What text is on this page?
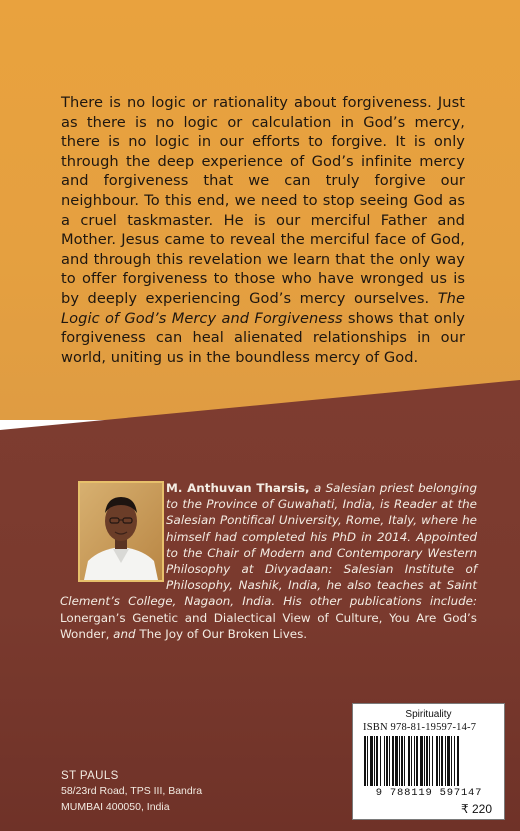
There is no logic or rationality about forgiveness. Just as there is no logic or calculation in God’s mercy, there is no logic in our efforts to forgive. It is only through the deep experience of God’s infinite mercy and forgiveness that we can truly forgive our neighbour. To this end, we need to stop seeing God as a cruel taskmaster. He is our merciful Father and Mother. Jesus came to reveal the merciful face of God, and through this revelation we learn that the only way to offer forgiveness to those who have wronged us is by deeply experiencing God’s mercy ourselves. The Logic of God’s Mercy and Forgiveness shows that only forgiveness can heal alienated relationships in our world, uniting us in the boundless mercy of God.

M. Anthuvan Tharsis, a Salesian priest belonging to the Province of Guwahati, India, is Reader at the Salesian Pontifical University, Rome, Italy, where he himself had completed his PhD in 2014. Appointed to the Chair of Modern and Contemporary Western Philosophy at Divyadaan: Salesian Institute of Philosophy, Nashik, India, he also teaches at Saint Clement’s College, Nagaon, India. His other publications include: Lonergan’s Genetic and Dialectical View of Culture, You Are God’s Wonder, and The Joy of Our Broken Lives.

Spirituality
ISBN 978-81-19597-14-7
9 788119 597147
₹ 220
ST PAULS
58/23rd Road, TPS III, Bandra
MUMBAI 400050, India
